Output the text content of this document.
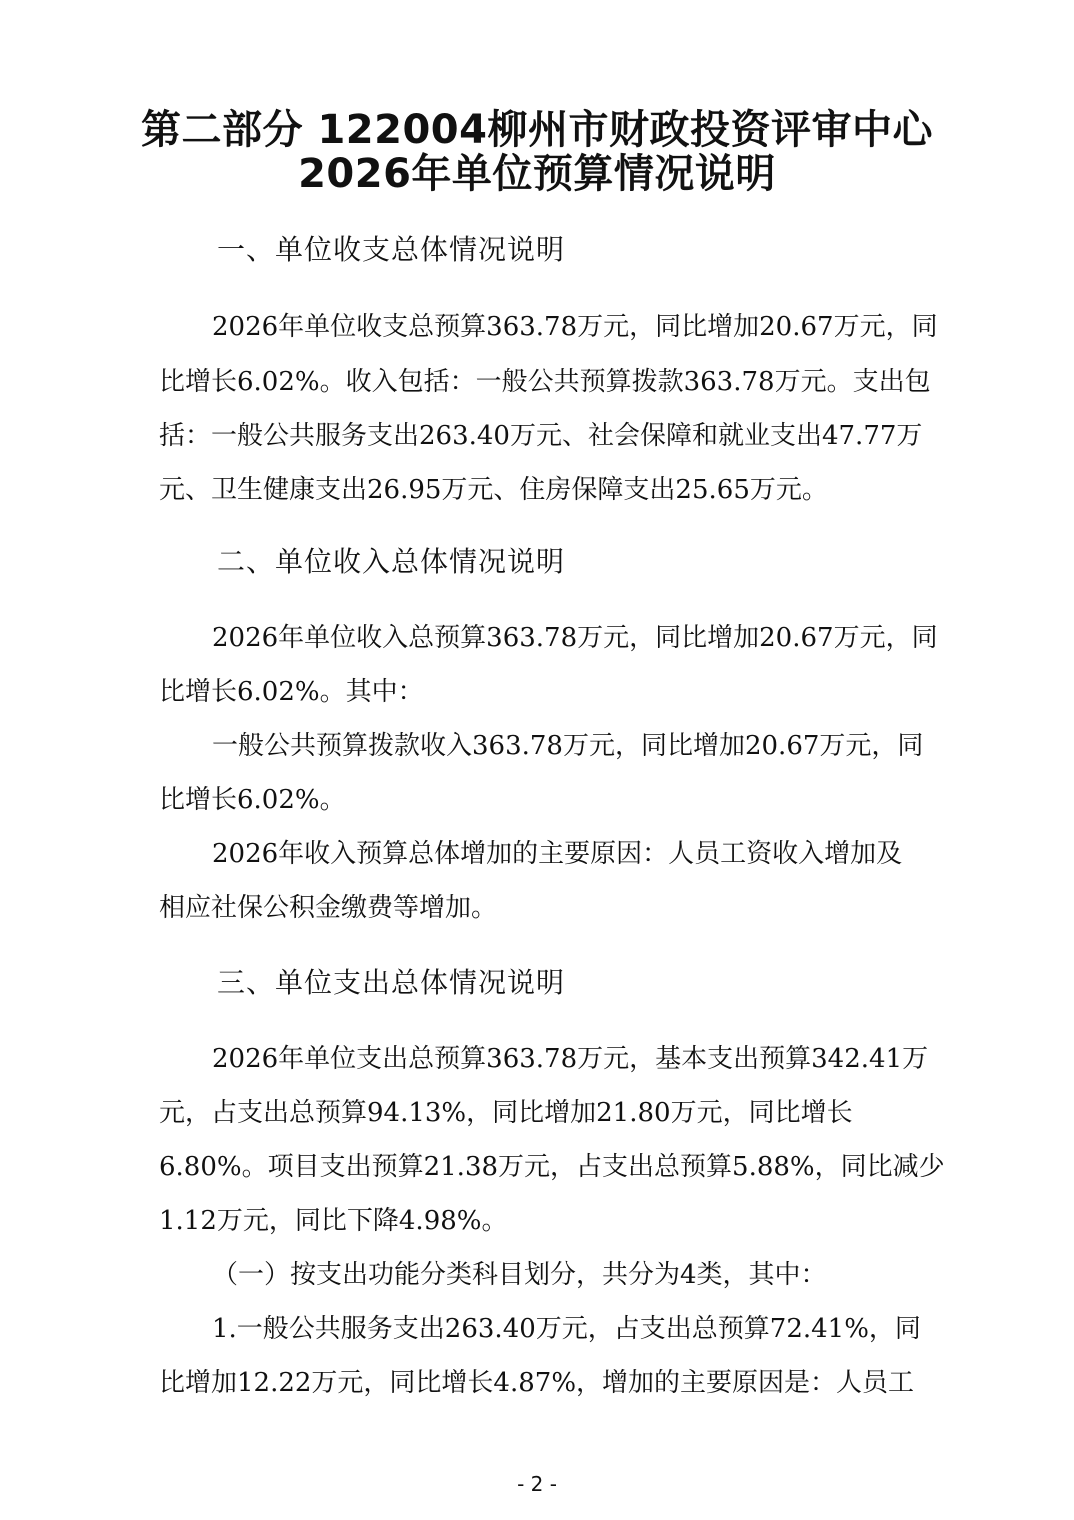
第二部分 122004柳州市财政投资评审中心
2026年单位预算情况说明
一、单位收支总体情况说明
2026年单位收支总预算363.78万元，同比增加20.67万元，同
比增长6.02%。收入包括：一般公共预算拨款363.78万元。支出包
括：一般公共服务支出263.40万元、社会保障和就业支出47.77万
元、卫生健康支出26.95万元、住房保障支出25.65万元。
二、单位收入总体情况说明
2026年单位收入总预算363.78万元，同比增加20.67万元，同
比增长6.02%。其中：
一般公共预算拨款收入363.78万元，同比增加20.67万元，同
比增长6.02%。
2026年收入预算总体增加的主要原因：人员工资收入增加及
相应社保公积金缴费等增加。
三、单位支出总体情况说明
2026年单位支出总预算363.78万元，基本支出预算342.41万
元，占支出总预算94.13%，同比增加21.80万元，同比增长
6.80%。项目支出预算21.38万元，占支出总预算5.88%，同比减少
1.12万元，同比下降4.98%。
（一）按支出功能分类科目划分，共分为4类，其中：
1.一般公共服务支出263.40万元，占支出总预算72.41%，同
比增加12.22万元，同比增长4.87%，增加的主要原因是：人员工
- 2 -
